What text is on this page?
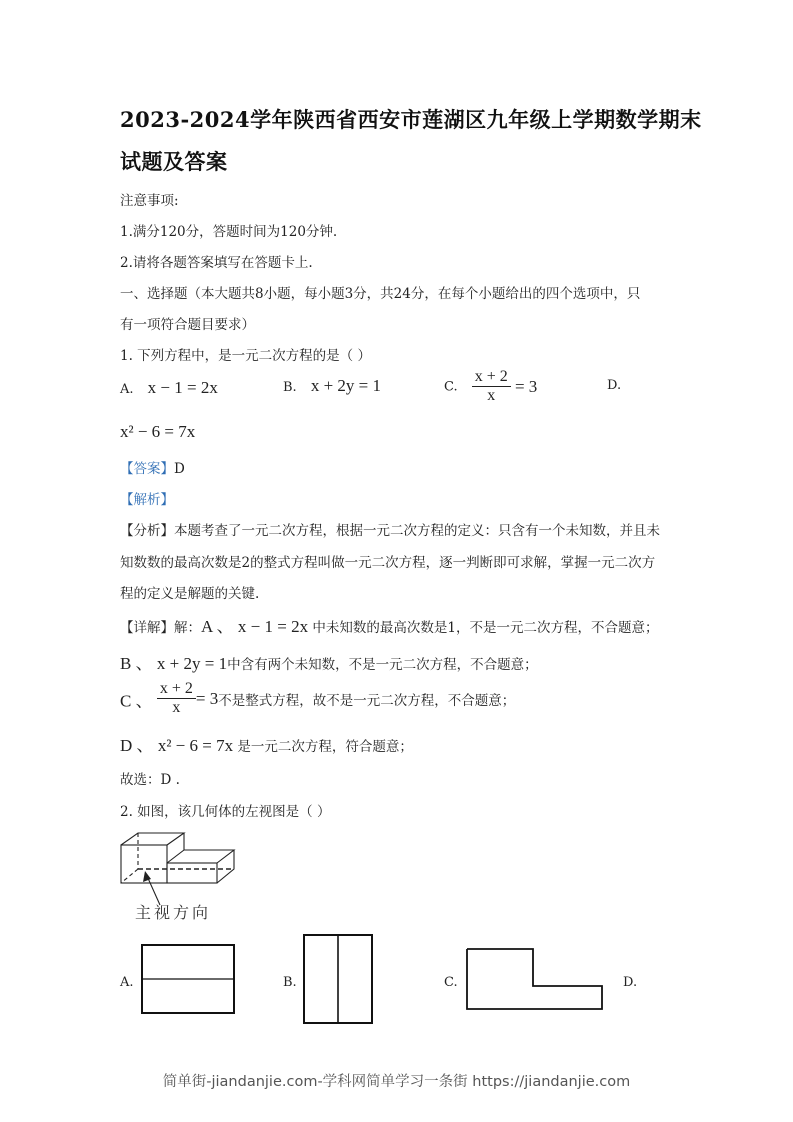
2023-2024学年陕西省西安市莲湖区九年级上学期数学期末
试题及答案
注意事项:
1.满分120分，答题时间为120分钟.
2.请将各题答案填写在答题卡上.
一、选择题（本大题共8小题，每小题3分，共24分，在每个小题给出的四个选项中，只
有一项符合题目要求）
1. 下列方程中，是一元二次方程的是（ ）
A. x − 1 = 2x	B. x + 2y = 1	C. $\frac{x + 2}{x} = 3$	D.
x² − 6 = 7x
【答案】D
【解析】
【分析】本题考查了一元二次方程，根据一元二次方程的定义：只含有一个未知数，并且未
知数数的最高次数是2的整式方程叫做一元二次方程，逐一判断即可求解，掌握一元二次方
程的定义是解题的关键.
【详解】解：A 、 x − 1 = 2x 中未知数的最高次数是1，不是一元二次方程，不合题意；
B 、 x + 2y = 1中含有两个未知数，不是一元二次方程，不合题意；
C 、 $\frac{x + 2}{x} = 3$不是整式方程，故不是一元二次方程，不合题意；
D 、 x² − 6 = 7x 是一元二次方程，符合题意；
故选：D .
2. 如图，该几何体的左视图是（ ）
主视方向
A.	B.	C.	D.
简单街-jiandanjie.com-学科网简单学习一条街 https://jiandanjie.com
